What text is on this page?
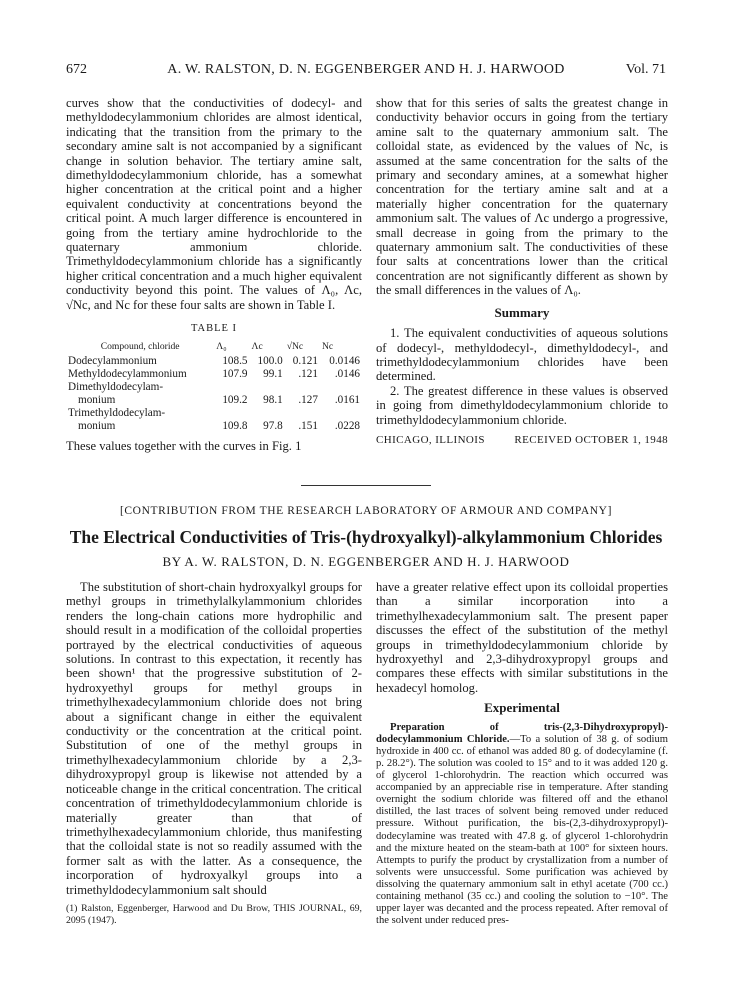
672	A. W. RALSTON, D. N. EGGENBERGER AND H. J. HARWOOD	Vol. 71

curves show that the conductivities of dodecyl- and methyldodecylammonium chlorides are almost identical, indicating that the transition from the primary to the secondary amine salt is not accompanied by a significant change in solution behavior. The tertiary amine salt, dimethyldodecylammonium chloride, has a somewhat higher concentration at the critical point and a higher equivalent conductivity at concentrations beyond the critical point. A much larger difference is encountered in going from the tertiary amine hydrochloride to the quaternary ammonium chloride. Trimethyldodecylammonium chloride has a significantly higher critical concentration and a much higher equivalent conductivity beyond this point. The values of Λ₀, Λc, √Nc, and Nc for these four salts are shown in Table I.

TABLE I
Compound, chloride	Λ₀	Λc	√Nc	Nc
Dodecylammonium	108.5	100.0	0.121	0.0146
Methyldodecylammonium	107.9	99.1	.121	.0146
Dimethyldodecylam-				
monium	109.2	98.1	.127	.0161
Trimethyldodecylam-				
monium	109.8	97.8	.151	.0228

These values together with the curves in Fig. 1

show that for this series of salts the greatest change in conductivity behavior occurs in going from the tertiary amine salt to the quaternary ammonium salt. The colloidal state, as evidenced by the values of Nc, is assumed at the same concentration for the salts of the primary and secondary amines, at a somewhat higher concentration for the tertiary amine salt and at a materially higher concentration for the quaternary ammonium salt. The values of Λc undergo a progressive, small decrease in going from the primary to the quaternary ammonium salt. The conductivities of these four salts at concentrations lower than the critical concentration are not significantly different as shown by the small differences in the values of Λ₀.

Summary

1. The equivalent conductivities of aqueous solutions of dodecyl-, methyldodecyl-, dimethyldodecyl-, and trimethyldodecylammonium chlorides have been determined.

2. The greatest difference in these values is observed in going from dimethyldodecylammonium chloride to trimethyldodecylammonium chloride.

CHICAGO, ILLINOIS	RECEIVED OCTOBER 1, 1948
[CONTRIBUTION FROM THE RESEARCH LABORATORY OF ARMOUR AND COMPANY]
The Electrical Conductivities of Tris-(hydroxyalkyl)-alkylammonium Chlorides
BY A. W. RALSTON, D. N. EGGENBERGER AND H. J. HARWOOD

The substitution of short-chain hydroxyalkyl groups for methyl groups in trimethylalkylammonium chlorides renders the long-chain cations more hydrophilic and should result in a modification of the colloidal properties portrayed by the electrical conductivities of aqueous solutions. In contrast to this expectation, it recently has been shown¹ that the progressive substitution of 2-hydroxyethyl groups for methyl groups in trimethylhexadecylammonium chloride does not bring about a significant change in either the equivalent conductivity or the concentration at the critical point. Substitution of one of the methyl groups in trimethylhexadecylammonium chloride by a 2,3-dihydroxypropyl group is likewise not attended by a noticeable change in the critical concentration. The critical concentration of trimethyldodecylammonium chloride is materially greater than that of trimethylhexadecylammonium chloride, thus manifesting that the colloidal state is not so readily assumed with the former salt as with the latter. As a consequence, the incorporation of hydroxyalkyl groups into a trimethyldodecylammonium salt should

(1) Ralston, Eggenberger, Harwood and Du Brow, THIS JOURNAL, 69, 2095 (1947).

have a greater relative effect upon its colloidal properties than a similar incorporation into a trimethylhexadecylammonium salt. The present paper discusses the effect of the substitution of the methyl groups in trimethyldodecylammonium chloride by hydroxyethyl and 2,3-dihydroxypropyl groups and compares these effects with similar substitutions in the hexadecyl homolog.

Experimental

Preparation of tris-(2,3-Dihydroxypropyl)-dodecylammonium Chloride.—To a solution of 38 g. of sodium hydroxide in 400 cc. of ethanol was added 80 g. of dodecylamine (f. p. 28.2°). The solution was cooled to 15° and to it was added 120 g. of glycerol 1-chlorohydrin. The reaction which occurred was accompanied by an appreciable rise in temperature. After standing overnight the sodium chloride was filtered off and the ethanol distilled, the last traces of solvent being removed under reduced pressure. Without purification, the bis-(2,3-dihydroxypropyl)-dodecylamine was treated with 47.8 g. of glycerol 1-chlorohydrin and the mixture heated on the steam-bath at 100° for sixteen hours. Attempts to purify the product by crystallization from a number of solvents were unsuccessful. Some purification was achieved by dissolving the quaternary ammonium salt in ethyl acetate (700 cc.) containing methanol (35 cc.) and cooling the solution to −10°. The upper layer was decanted and the process repeated. After removal of the solvent under reduced pres-
